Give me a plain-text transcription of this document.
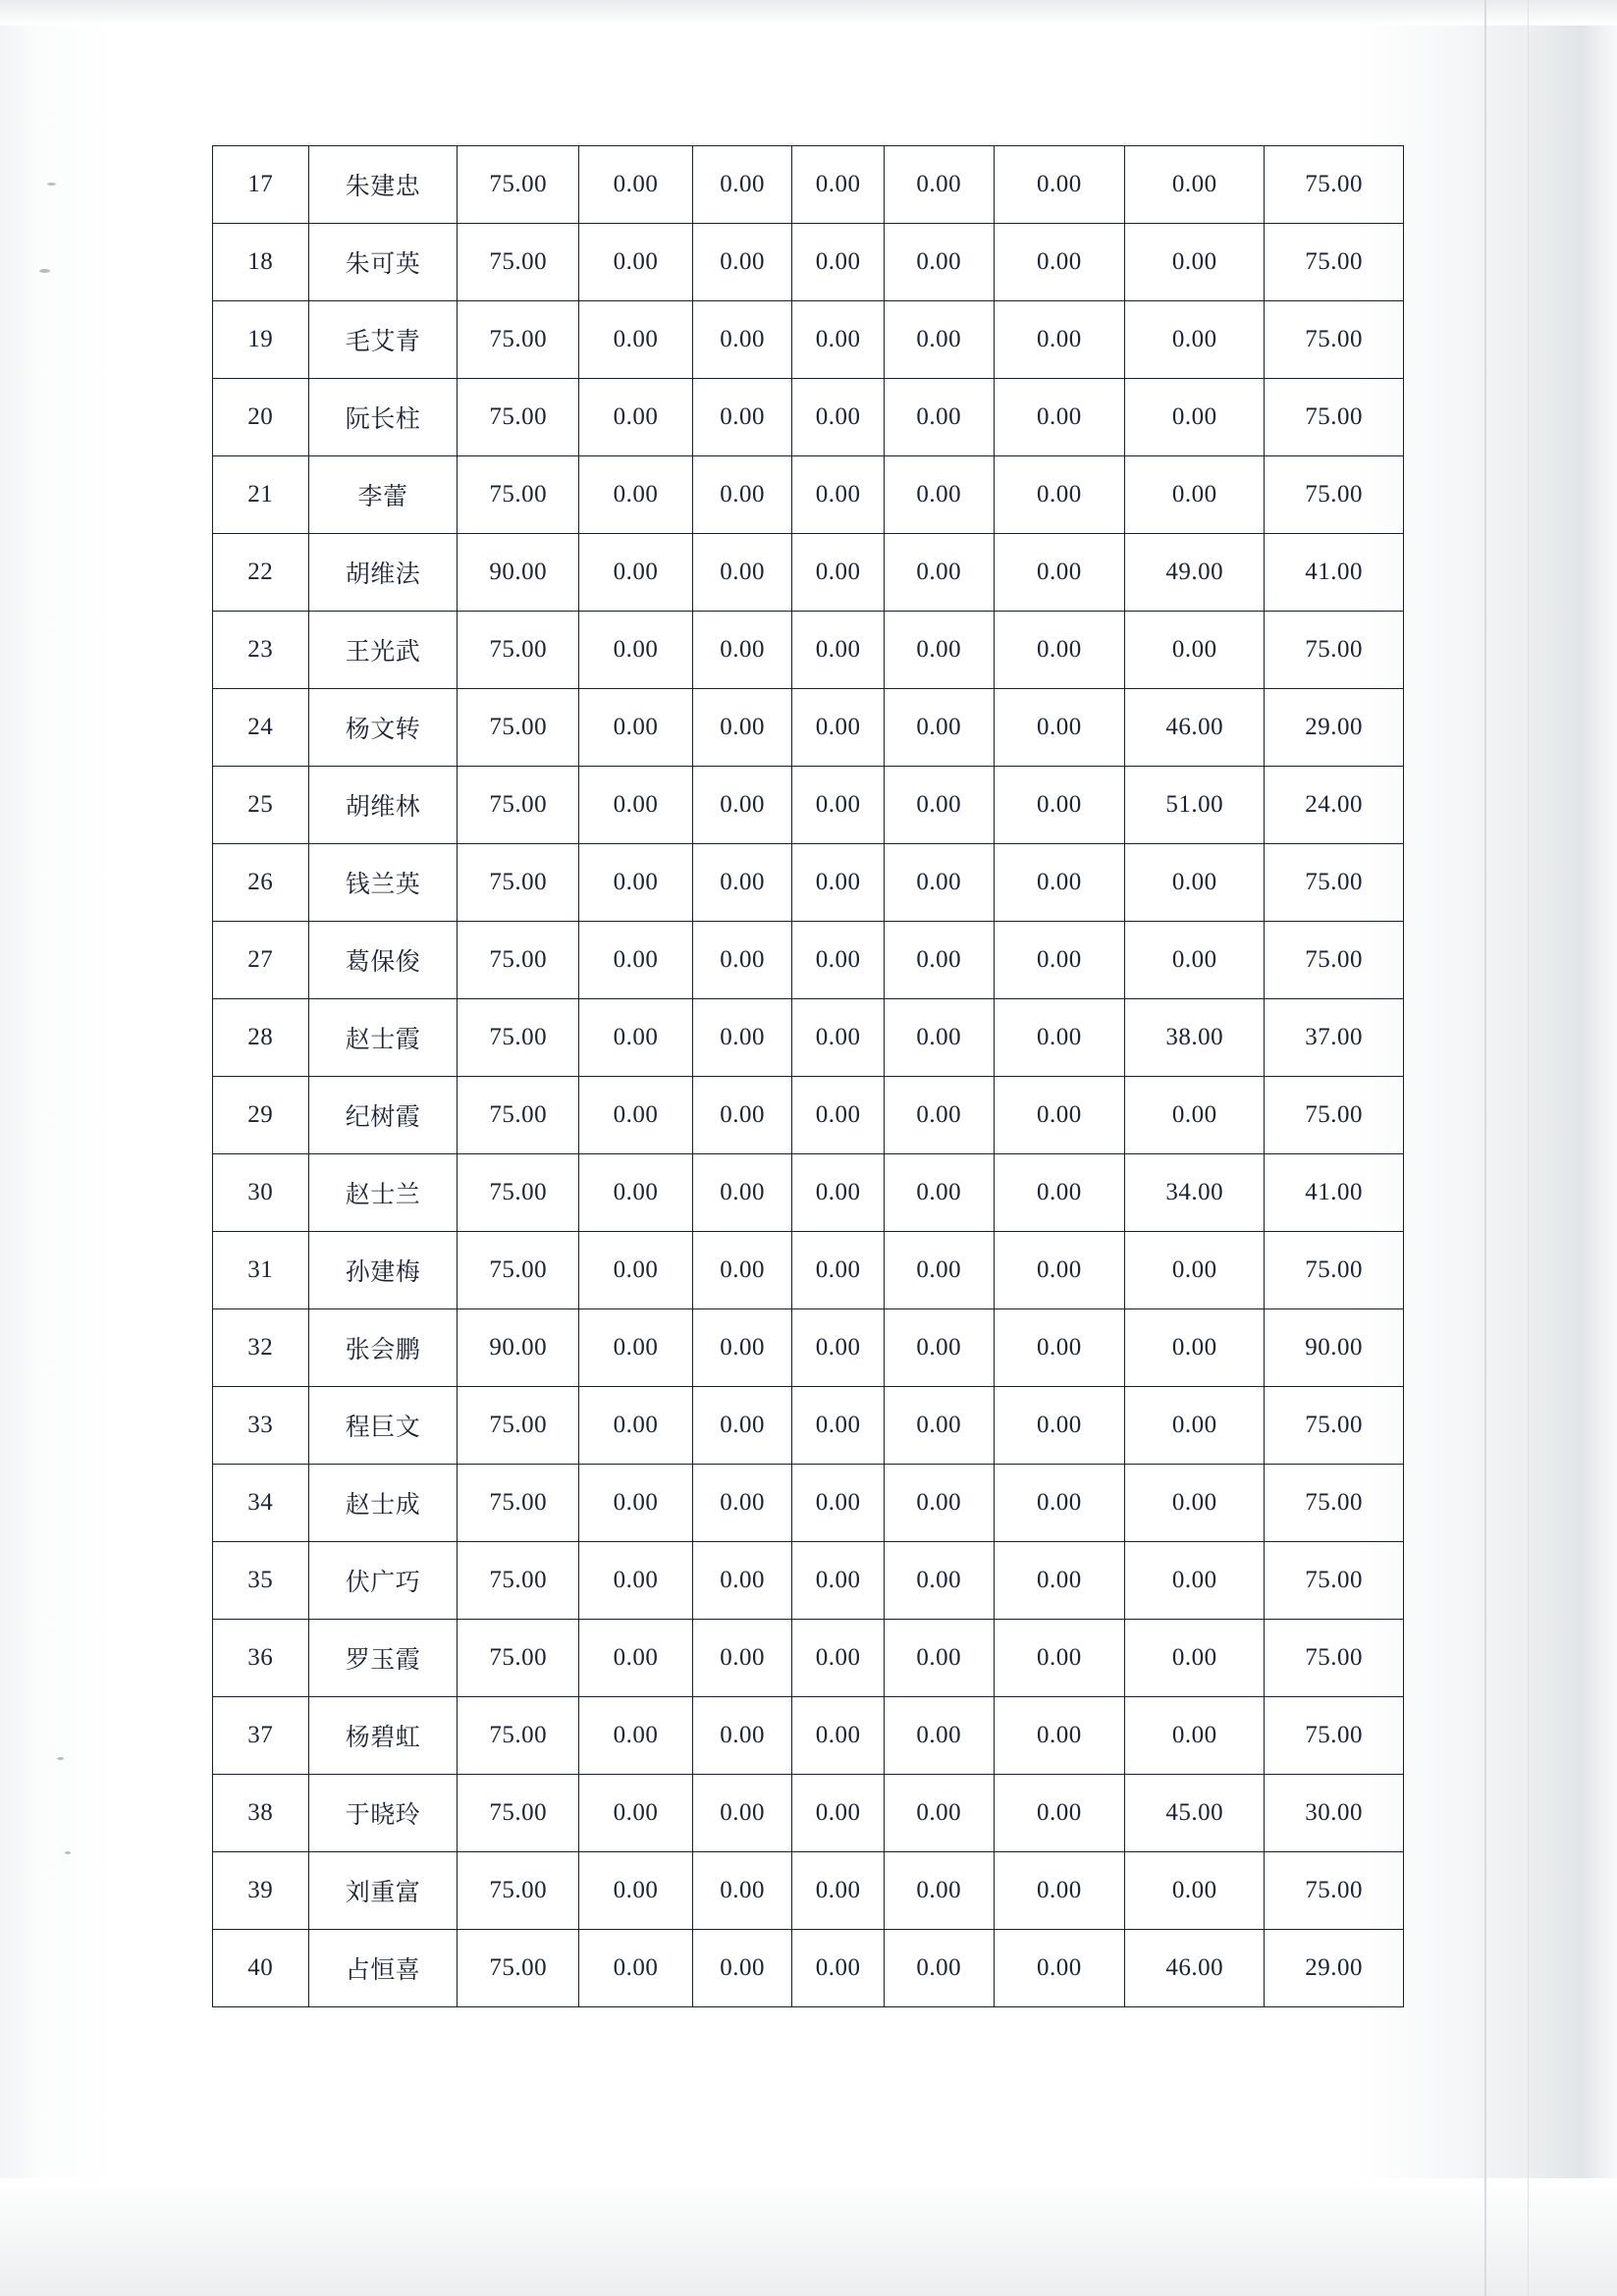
17	朱建忠	75.00	0.00	0.00	0.00	0.00	0.00	0.00	75.00
18	朱可英	75.00	0.00	0.00	0.00	0.00	0.00	0.00	75.00
19	毛艾青	75.00	0.00	0.00	0.00	0.00	0.00	0.00	75.00
20	阮长柱	75.00	0.00	0.00	0.00	0.00	0.00	0.00	75.00
21	李蕾	75.00	0.00	0.00	0.00	0.00	0.00	0.00	75.00
22	胡维法	90.00	0.00	0.00	0.00	0.00	0.00	49.00	41.00
23	王光武	75.00	0.00	0.00	0.00	0.00	0.00	0.00	75.00
24	杨文转	75.00	0.00	0.00	0.00	0.00	0.00	46.00	29.00
25	胡维林	75.00	0.00	0.00	0.00	0.00	0.00	51.00	24.00
26	钱兰英	75.00	0.00	0.00	0.00	0.00	0.00	0.00	75.00
27	葛保俊	75.00	0.00	0.00	0.00	0.00	0.00	0.00	75.00
28	赵士霞	75.00	0.00	0.00	0.00	0.00	0.00	38.00	37.00
29	纪树霞	75.00	0.00	0.00	0.00	0.00	0.00	0.00	75.00
30	赵士兰	75.00	0.00	0.00	0.00	0.00	0.00	34.00	41.00
31	孙建梅	75.00	0.00	0.00	0.00	0.00	0.00	0.00	75.00
32	张会鹏	90.00	0.00	0.00	0.00	0.00	0.00	0.00	90.00
33	程巨文	75.00	0.00	0.00	0.00	0.00	0.00	0.00	75.00
34	赵士成	75.00	0.00	0.00	0.00	0.00	0.00	0.00	75.00
35	伏广巧	75.00	0.00	0.00	0.00	0.00	0.00	0.00	75.00
36	罗玉霞	75.00	0.00	0.00	0.00	0.00	0.00	0.00	75.00
37	杨碧虹	75.00	0.00	0.00	0.00	0.00	0.00	0.00	75.00
38	于晓玲	75.00	0.00	0.00	0.00	0.00	0.00	45.00	30.00
39	刘重富	75.00	0.00	0.00	0.00	0.00	0.00	0.00	75.00
40	占恒喜	75.00	0.00	0.00	0.00	0.00	0.00	46.00	29.00
